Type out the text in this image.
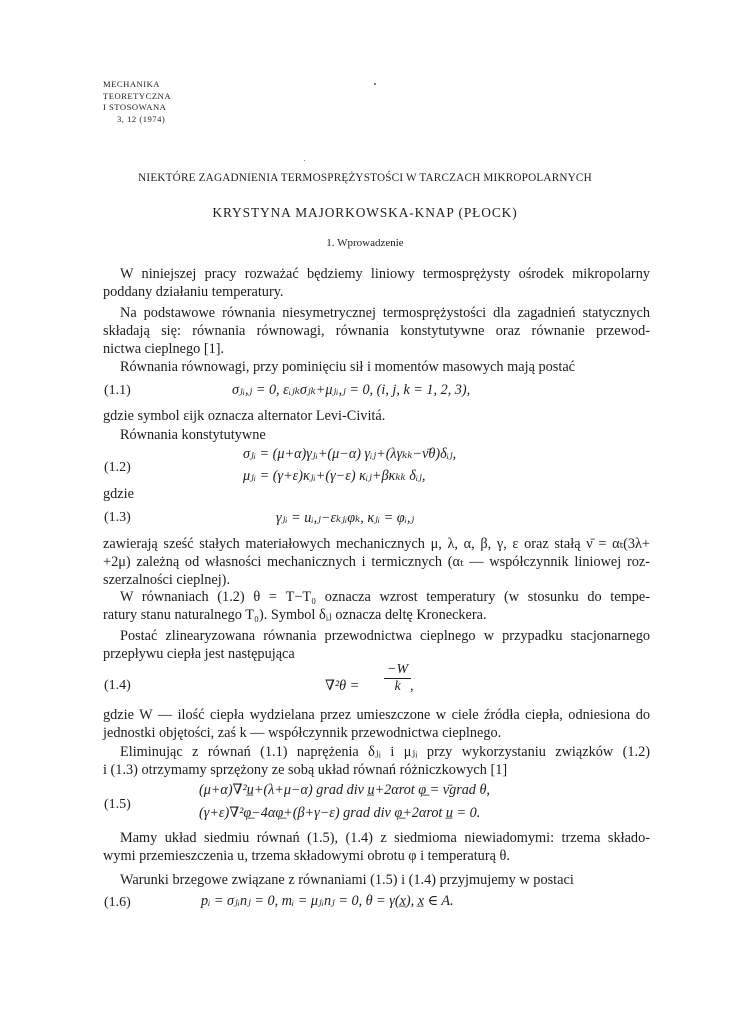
MECHANIKA
TEORETYCZNA
I STOSOWANA
3, 12 (1974)
NIEKTÓRE ZAGADNIENIA TERMOSPRĘŻYSTOŚCI W TARCZACH MIKROPOLARNYCH
KRYSTYNA MAJORKOWSKA-KNAP (PŁOCK)
1. Wprowadzenie
W niniejszej pracy rozważać będziemy liniowy termosprężysty ośrodek mikropolarny
poddany działaniu temperatury.
Na podstawowe równania niesymetrycznej termosprężystości dla zagadnień statycznych
składają się: równania równowagi, równania konstytutywne oraz równanie przewod-
nictwa cieplnego [1].
Równania równowagi, przy pominięciu sił i momentów masowych mają postać
(1.1)	σⱼᵢ,ⱼ = 0, εᵢⱼₖσⱼₖ+μⱼᵢ,ⱼ = 0, (i, j, k = 1, 2, 3),
gdzie symbol εijk oznacza alternator Levi-Civitá.
Równania konstytutywne
(1.2)
σⱼᵢ = (μ+α)γⱼᵢ+(μ−α) γᵢⱼ+(λγₖₖ−ν̄θ)δᵢⱼ,
μⱼᵢ = (γ+ε)κⱼᵢ+(γ−ε) κᵢⱼ+βκₖₖ δᵢⱼ,
gdzie
(1.3)	γⱼᵢ = uᵢ,ⱼ−εₖⱼᵢφₖ, κⱼᵢ = φᵢ,ⱼ
zawierają sześć stałych materiałowych mechanicznych μ, λ, α, β, γ, ε oraz stałą ν̄ = αₜ(3λ+
+2μ) zależną od własności mechanicznych i termicznych (αₜ — współczynnik liniowej roz-
szerzalności cieplnej).
W równaniach (1.2) θ = T−T₀ oznacza wzrost temperatury (w stosunku do tempe-
ratury stanu naturalnego T₀). Symbol δᵢⱼ oznacza deltę Kroneckera.
Postać zlinearyzowana równania przewodnictwa cieplnego w przypadku stacjonarnego
przepływu ciepła jest następująca
(1.4)	$\nabla^2\theta = \frac{-W}{k}$
,
gdzie W — ilość ciepła wydzielana przez umieszczone w ciele źródła ciepła, odniesiona do
jednostki objętości, zaś k — współczynnik przewodnictwa cieplnego.
Eliminując z równań (1.1) naprężenia δⱼᵢ i μⱼᵢ przy wykorzystaniu związków (1.2)
i (1.3) otrzymamy sprzężony ze sobą układ równań różniczkowych [1]
(1.5)
(μ+α)∇²u̲+(λ+μ−α) grad div u̲+2αrot φ̲ = ν̄grad θ,
(γ+ε)∇²φ̲−4αφ̲+(β+γ−ε) grad div φ̲+2αrot u̲ = 0.
Mamy układ siedmiu równań (1.5), (1.4) z siedmioma niewiadomymi: trzema składo-
wymi przemieszczenia u, trzema składowymi obrotu φ i temperaturą θ.
Warunki brzegowe związane z równaniami (1.5) i (1.4) przyjmujemy w postaci
(1.6)	pᵢ = σⱼᵢnⱼ = 0, mᵢ = μⱼᵢnⱼ = 0, θ = γ(x̲), x̲ ∈ A.
